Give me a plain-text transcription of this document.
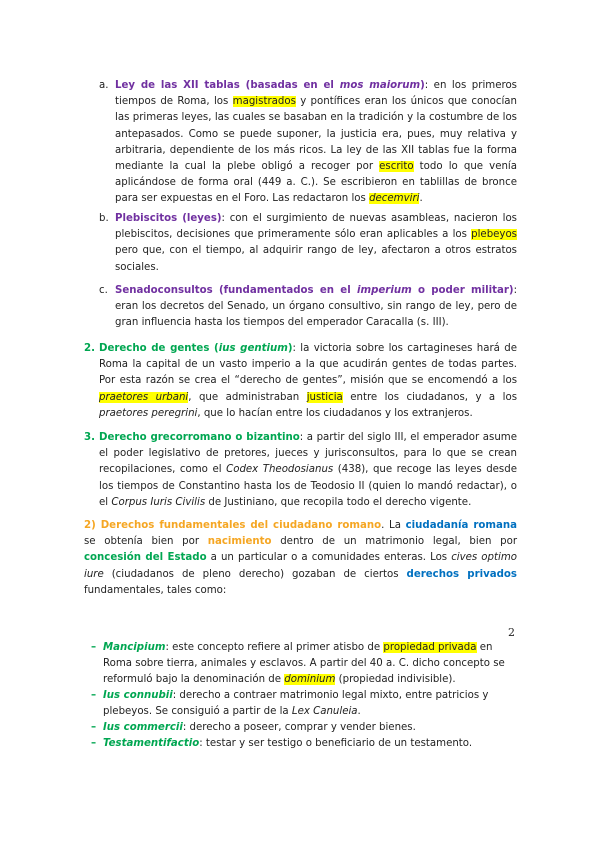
a. Ley de las XII tablas (basadas en el mos maiorum): en los primeros tiempos de Roma, los magistrados y pontífices eran los únicos que conocían las primeras leyes, las cuales se basaban en la tradición y la costumbre de los antepasados. Como se puede suponer, la justicia era, pues, muy relativa y arbitraria, dependiente de los más ricos. La ley de las XII tablas fue la forma mediante la cual la plebe obligó a recoger por escrito todo lo que venía aplicándose de forma oral (449 a. C.). Se escribieron en tablillas de bronce para ser expuestas en el Foro. Las redactaron los decemviri.
b. Plebiscitos (leyes): con el surgimiento de nuevas asambleas, nacieron los plebiscitos, decisiones que primeramente sólo eran aplicables a los plebeyos pero que, con el tiempo, al adquirir rango de ley, afectaron a otros estratos sociales.
c. Senadoconsultos (fundamentados en el imperium o poder militar): eran los decretos del Senado, un órgano consultivo, sin rango de ley, pero de gran influencia hasta los tiempos del emperador Caracalla (s. III).
2. Derecho de gentes (ius gentium): la victoria sobre los cartagineses hará de Roma la capital de un vasto imperio a la que acudirán gentes de todas partes. Por esta razón se crea el “derecho de gentes”, misión que se encomendó a los praetores urbani, que administraban justicia entre los ciudadanos, y a los praetores peregrini, que lo hacían entre los ciudadanos y los extranjeros.
3. Derecho grecorromano o bizantino: a partir del siglo III, el emperador asume el poder legislativo de pretores, jueces y jurisconsultos, para lo que se crean recopilaciones, como el Codex Theodosianus (438), que recoge las leyes desde los tiempos de Constantino hasta los de Teodosio II (quien lo mandó redactar), o el Corpus Iuris Civilis de Justiniano, que recopila todo el derecho vigente.
2) Derechos fundamentales del ciudadano romano. La ciudadanía romana se obtenía bien por nacimiento dentro de un matrimonio legal, bien por concesión del Estado a un particular o a comunidades enteras. Los cives optimo iure (ciudadanos de pleno derecho) gozaban de ciertos derechos privados fundamentales, tales como:
2
– Mancipium: este concepto refiere al primer atisbo de propiedad privada en Roma sobre tierra, animales y esclavos. A partir del 40 a. C. dicho concepto se reformuló bajo la denominación de dominium (propiedad indivisible).
– Ius connubii: derecho a contraer matrimonio legal mixto, entre patricios y plebeyos. Se consiguió a partir de la Lex Canuleia.
– Ius commercii: derecho a poseer, comprar y vender bienes.
– Testamentifactio: testar y ser testigo o beneficiario de un testamento.
